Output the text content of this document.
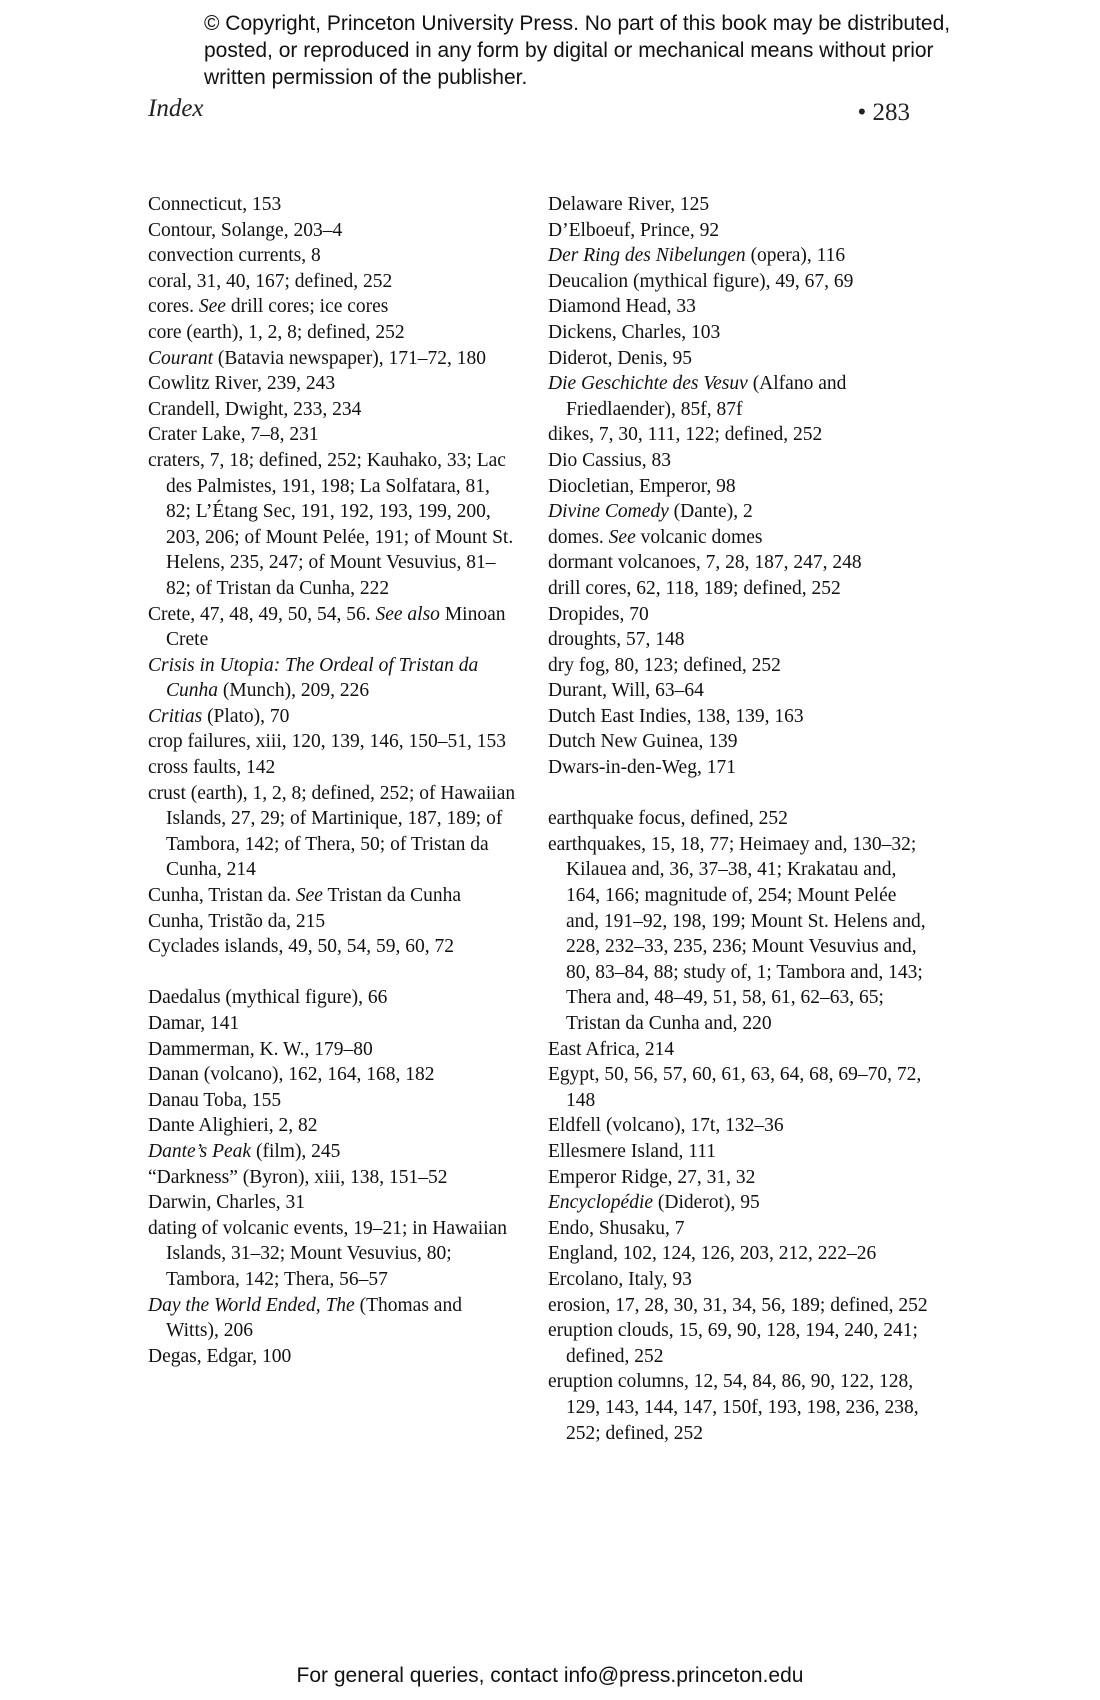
© Copyright, Princeton University Press. No part of this book may be distributed, posted, or reproduced in any form by digital or mechanical means without prior written permission of the publisher.
Index	• 283
Connecticut, 153
Contour, Solange, 203–4
convection currents, 8
coral, 31, 40, 167; defined, 252
cores. See drill cores; ice cores
core (earth), 1, 2, 8; defined, 252
Courant (Batavia newspaper), 171–72, 180
Cowlitz River, 239, 243
Crandell, Dwight, 233, 234
Crater Lake, 7–8, 231
craters, 7, 18; defined, 252; Kauhako, 33; Lac des Palmistes, 191, 198; La Solfatara, 81, 82; L’Étang Sec, 191, 192, 193, 199, 200, 203, 206; of Mount Pelée, 191; of Mount St. Helens, 235, 247; of Mount Vesuvius, 81–82; of Tristan da Cunha, 222
Crete, 47, 48, 49, 50, 54, 56. See also Minoan Crete
Crisis in Utopia: The Ordeal of Tristan da Cunha (Munch), 209, 226
Critias (Plato), 70
crop failures, xiii, 120, 139, 146, 150–51, 153
cross faults, 142
crust (earth), 1, 2, 8; defined, 252; of Hawaiian Islands, 27, 29; of Martinique, 187, 189; of Tambora, 142; of Thera, 50; of Tristan da Cunha, 214
Cunha, Tristan da. See Tristan da Cunha
Cunha, Tristão da, 215
Cyclades islands, 49, 50, 54, 59, 60, 72
Daedalus (mythical figure), 66
Damar, 141
Dammerman, K. W., 179–80
Danan (volcano), 162, 164, 168, 182
Danau Toba, 155
Dante Alighieri, 2, 82
Dante’s Peak (film), 245
“Darkness” (Byron), xiii, 138, 151–52
Darwin, Charles, 31
dating of volcanic events, 19–21; in Hawaiian Islands, 31–32; Mount Vesuvius, 80; Tambora, 142; Thera, 56–57
Day the World Ended, The (Thomas and Witts), 206
Degas, Edgar, 100
Delaware River, 125
D’Elboeuf, Prince, 92
Der Ring des Nibelungen (opera), 116
Deucalion (mythical figure), 49, 67, 69
Diamond Head, 33
Dickens, Charles, 103
Diderot, Denis, 95
Die Geschichte des Vesuv (Alfano and Friedlaender), 85f, 87f
dikes, 7, 30, 111, 122; defined, 252
Dio Cassius, 83
Diocletian, Emperor, 98
Divine Comedy (Dante), 2
domes. See volcanic domes
dormant volcanoes, 7, 28, 187, 247, 248
drill cores, 62, 118, 189; defined, 252
Dropides, 70
droughts, 57, 148
dry fog, 80, 123; defined, 252
Durant, Will, 63–64
Dutch East Indies, 138, 139, 163
Dutch New Guinea, 139
Dwars-in-den-Weg, 171
earthquake focus, defined, 252
earthquakes, 15, 18, 77; Heimaey and, 130–32; Kilauea and, 36, 37–38, 41; Krakatau and, 164, 166; magnitude of, 254; Mount Pelée and, 191–92, 198, 199; Mount St. Helens and, 228, 232–33, 235, 236; Mount Vesuvius and, 80, 83–84, 88; study of, 1; Tambora and, 143; Thera and, 48–49, 51, 58, 61, 62–63, 65; Tristan da Cunha and, 220
East Africa, 214
Egypt, 50, 56, 57, 60, 61, 63, 64, 68, 69–70, 72, 148
Eldfell (volcano), 17t, 132–36
Ellesmere Island, 111
Emperor Ridge, 27, 31, 32
Encyclopédie (Diderot), 95
Endo, Shusaku, 7
England, 102, 124, 126, 203, 212, 222–26
Ercolano, Italy, 93
erosion, 17, 28, 30, 31, 34, 56, 189; defined, 252
eruption clouds, 15, 69, 90, 128, 194, 240, 241; defined, 252
eruption columns, 12, 54, 84, 86, 90, 122, 128, 129, 143, 144, 147, 150f, 193, 198, 236, 238, 252; defined, 252
For general queries, contact info@press.princeton.edu
